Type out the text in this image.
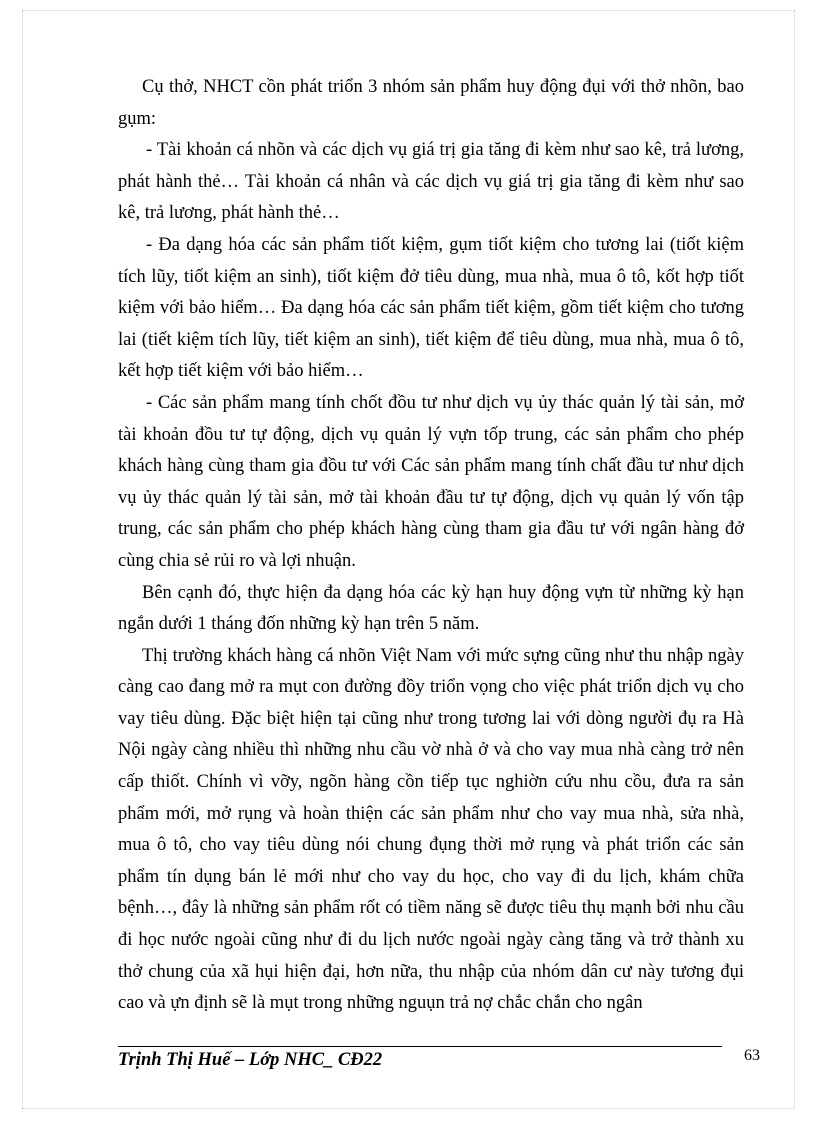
Cụ thở, NHCT cồn phát triổn 3 nhóm sản phẩm huy động đụi với thở nhõn, bao gụm:

- Tài khoản cá nhõn và các dịch vụ giá trị gia tăng đi kèm như sao kê, trả lương, phát hành thẻ… Tài khoản cá nhân và các dịch vụ giá trị gia tăng đi kèm như sao kê, trả lương, phát hành thẻ…

- Đa dạng hóa các sản phẩm tiốt kiệm, gụm tiốt kiệm cho tương lai (tiốt kiệm tích lũy, tiốt kiệm an sinh), tiốt kiệm đở tiêu dùng, mua nhà, mua ô tô, kốt hợp tiốt kiệm với bảo hiểm… Đa dạng hóa các sản phẩm tiết kiệm, gồm tiết kiệm cho tương lai (tiết kiệm tích lũy, tiết kiệm an sinh), tiết kiệm để tiêu dùng, mua nhà, mua ô tô, kết hợp tiết kiệm với bảo hiểm…

- Các sản phẩm mang tính chốt đồu tư như dịch vụ ủy thác quản lý tài sản, mở tài khoản đồu tư tự động, dịch vụ quản lý vựn tốp trung, các sản phẩm cho phép khách hàng cùng tham gia đồu tư với Các sản phẩm mang tính chất đầu tư như dịch vụ ủy thác quản lý tài sản, mở tài khoản đầu tư tự động, dịch vụ quản lý vốn tập trung, các sản phẩm cho phép khách hàng cùng tham gia đầu tư với ngân hàng đở cùng chia sẻ rủi ro và lợi nhuận.

Bên cạnh đó, thực hiện đa dạng hóa các kỳ hạn huy động vựn từ những kỳ hạn ngắn dưới 1 tháng đốn những kỳ hạn trên 5 năm.

Thị trường khách hàng cá nhõn Việt Nam với mức sựng cũng như thu nhập ngày càng cao đang mở ra mụt con đường đồy triổn vọng cho việc phát triổn dịch vụ cho vay tiêu dùng. Đặc biệt hiện tại cũng như trong tương lai với dòng người đụ ra Hà Nội ngày càng nhiều thì những nhu cầu vờ nhà ở và cho vay mua nhà càng trở nên cấp thiốt. Chính vì vỡy, ngõn hàng cồn tiếp tục nghiờn cứu nhu cồu, đưa ra sản phẩm mới, mở rụng và hoàn thiện các sản phẩm như cho vay mua nhà, sửa nhà, mua ô tô, cho vay tiêu dùng nói chung đụng thời mở rụng và phát triổn các sản phẩm tín dụng bán lẻ mới như cho vay du học, cho vay đi du lịch, khám chữa bệnh…, đây là những sản phẩm rốt có tiềm năng sẽ được tiêu thụ mạnh bởi nhu cầu đi học nước ngoài cũng như đi du lịch nước ngoài ngày càng tăng và trở thành xu thở chung của xã hụi hiện đại, hơn nữa, thu nhập của nhóm dân cư này tương đụi cao và ựn định sẽ là mụt trong những nguụn trả nợ chắc chắn cho ngân

Trịnh Thị Huế – Lớp NHC_ CĐ22	63
